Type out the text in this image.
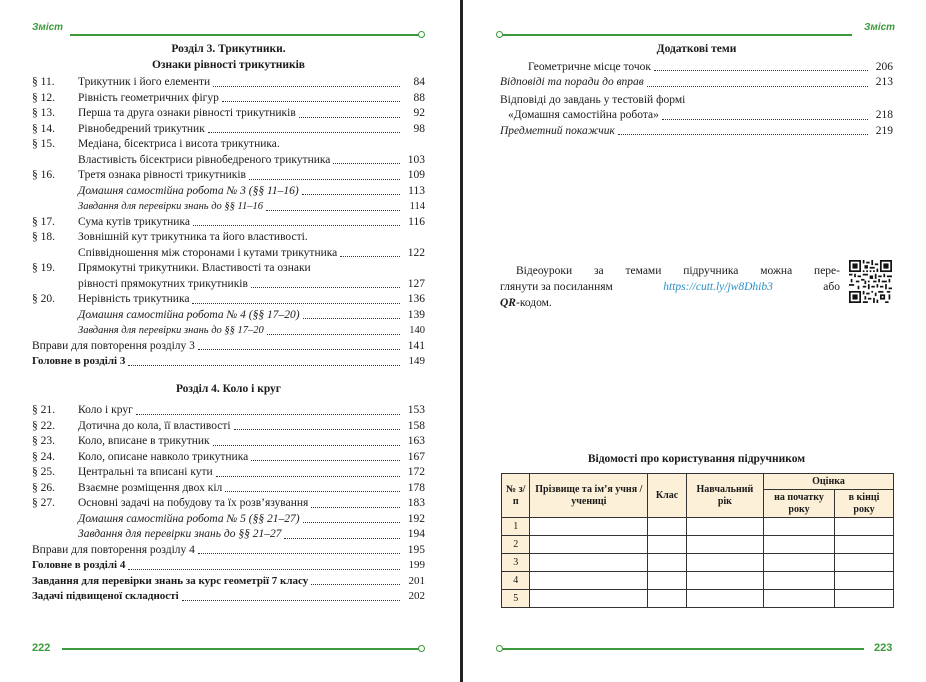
Зміст
Розділ 3. Трикутники.
Ознаки рівності трикутників
§ 11.	Трикутник і його елементи	84
§ 12.	Рівність геометричних фігур	88
§ 13.	Перша та друга ознаки рівності трикутників	92
§ 14.	Рівнобедрений трикутник	98
§ 15.	Медіана, бісектриса і висота трикутника.
Властивість бісектриси рівнобедреного трикутника	103
§ 16.	Третя ознака рівності трикутників	109
Домашня самостійна робота № 3 (§§ 11–16)	113
Завдання для перевірки знань до §§ 11–16	114
§ 17.	Сума кутів трикутника	116
§ 18.	Зовнішній кут трикутника та його властивості.
Співвідношення між сторонами і кутами трикутника	122
§ 19.	Прямокутні трикутники. Властивості та ознаки
рівності прямокутних трикутників	127
§ 20.	Нерівність трикутника	136
Домашня самостійна робота № 4 (§§ 17–20)	139
Завдання для перевірки знань до §§ 17–20	140
Вправи для повторення розділу 3	141
Головне в розділі 3	149
Розділ 4. Коло і круг
§ 21.	Коло і круг	153
§ 22.	Дотична до кола, її властивості	158
§ 23.	Коло, вписане в трикутник	163
§ 24.	Коло, описане навколо трикутника	167
§ 25.	Центральні та вписані кути	172
§ 26.	Взаємне розміщення двох кіл	178
§ 27.	Основні задачі на побудову та їх розв’язування	183
Домашня самостійна робота № 5 (§§ 21–27)	192
Завдання для перевірки знань до §§ 21–27	194
Вправи для повторення розділу 4	195
Головне в розділі 4	199
Завдання для перевірки знань за курс геометрії 7 класу	201
Задачі підвищеної складності	202
222
Зміст
Додаткові теми
Геометричне місце точок	206
Відповіді та поради до вправ	213
Відповіді до завдань у тестовій формі
«Домашня самостійна робота»	218
Предметний покажчик	219
Відеоуроки за темами підручника можна пере-
глянути за посиланням	https://cutt.ly/jw8Dhib3	або
QR-кодом.
Відомості про користування підручником
223
№ з/п	Прізвище та ім’я учня / учениці	Клас	Навчальний рік	Оцінка	
				на початку року	в кінці року
1					
2					
3					
4					
5					
